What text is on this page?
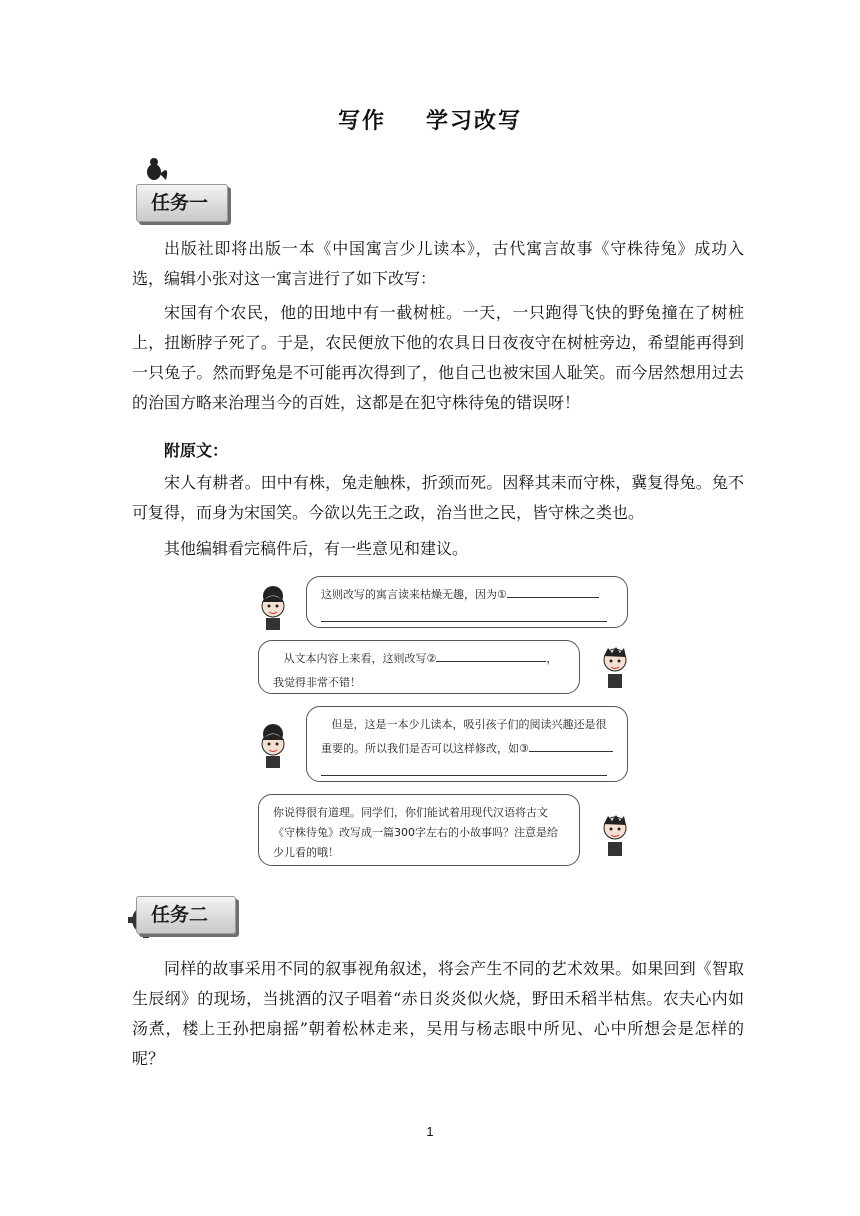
写作 学习改写
任务一

出版社即将出版一本《中国寓言少儿读本》，古代寓言故事《守株待兔》成功入选，编辑小张对这一寓言进行了如下改写：

宋国有个农民，他的田地中有一截树桩。一天，一只跑得飞快的野兔撞在了树桩上，扭断脖子死了。于是，农民便放下他的农具日日夜夜守在树桩旁边，希望能再得到一只兔子。然而野兔是不可能再次得到了，他自己也被宋国人耻笑。而今居然想用过去的治国方略来治理当今的百姓，这都是在犯守株待兔的错误呀！

附原文：

宋人有耕者。田中有株，兔走触株，折颈而死。因释其耒而守株，冀复得兔。兔不可复得，而身为宋国笑。今欲以先王之政，治当世之民，皆守株之类也。

其他编辑看完稿件后，有一些意见和建议。

这则改写的寓言读来枯燥无趣，因为①

从文本内容上来看，这则改写②	，
我觉得非常不错！
但是，这是一本少儿读本，吸引孩子们的阅读兴趣还是很重要的。所以我们是否可以这样修改，如③

你说得很有道理。同学们，你们能试着用现代汉语将古文《守株待兔》改写成一篇300字左右的小故事吗？注意是给少儿看的哦！
任务二

同样的故事采用不同的叙事视角叙述，将会产生不同的艺术效果。如果回到《智取生辰纲》的现场，当挑酒的汉子唱着“赤日炎炎似火烧，野田禾稻半枯焦。农夫心内如汤煮，楼上王孙把扇摇”朝着松林走来，吴用与杨志眼中所见、心中所想会是怎样的呢？

1
